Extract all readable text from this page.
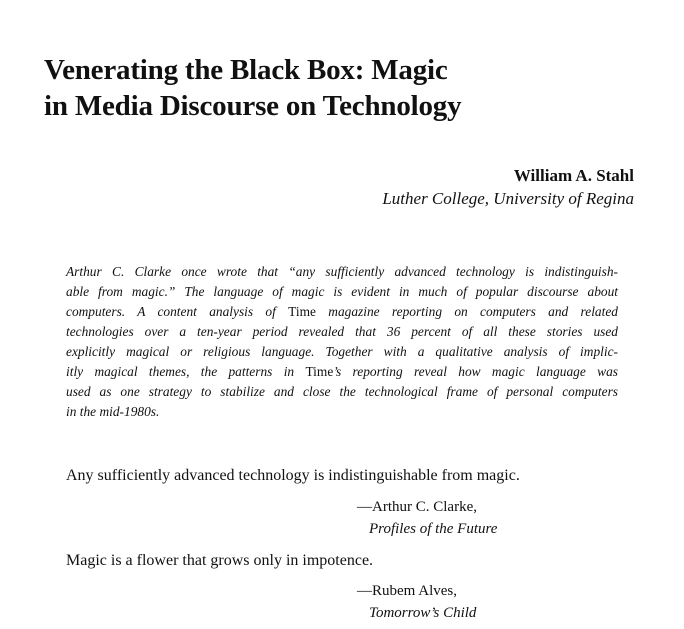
Venerating the Black Box: Magic
in Media Discourse on Technology
William A. Stahl
Luther College, University of Regina
Arthur C. Clarke once wrote that “any sufficiently advanced technology is indistinguish-
able from magic.” The language of magic is evident in much of popular discourse about
computers. A content analysis of Time magazine reporting on computers and related
technologies over a ten-year period revealed that 36 percent of all these stories used
explicitly magical or religious language. Together with a qualitative analysis of implic-
itly magical themes, the patterns in Time’s reporting reveal how magic language was
used as one strategy to stabilize and close the technological frame of personal computers
in the mid-1980s.
Any sufficiently advanced technology is indistinguishable from magic.
—Arthur C. Clarke,
Profiles of the Future
Magic is a flower that grows only in impotence.
—Rubem Alves,
Tomorrow’s Child
